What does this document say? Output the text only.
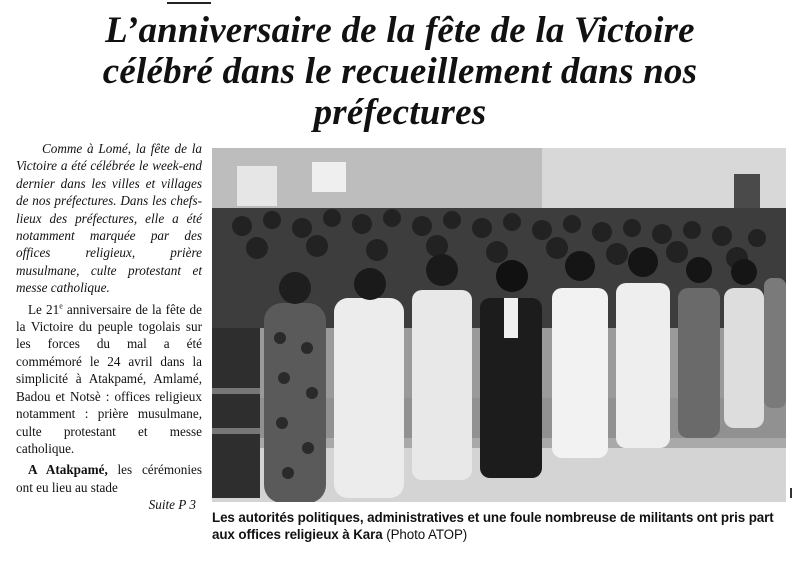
L’anniversaire de la fête de la Victoire
célébré dans le recueillement dans nos
préfectures

Comme à Lomé, la fête de la Victoire a été célébrée le week-end dernier dans les villes et villages de nos préfectures. Dans les chefs-lieux des préfectures, elle a été notamment marquée par des offices religieux, prière musulmane, culte protestant et messe catholique.

Le 21e anniversaire de la fête de la Victoire du peuple togolais sur les forces du mal a été commémoré le 24 avril dans la simplicité à Atakpamé, Amlamé, Badou et Notsè : offices religieux notamment : prière musulmane, culte protestant et messe catholique.

A Atakpamé, les cérémonies ont eu lieu au stade

Suite P 3

Les autorités politiques, administratives et une foule nombreuse de militants ont pris part aux offices religieux à Kara (Photo ATOP)
